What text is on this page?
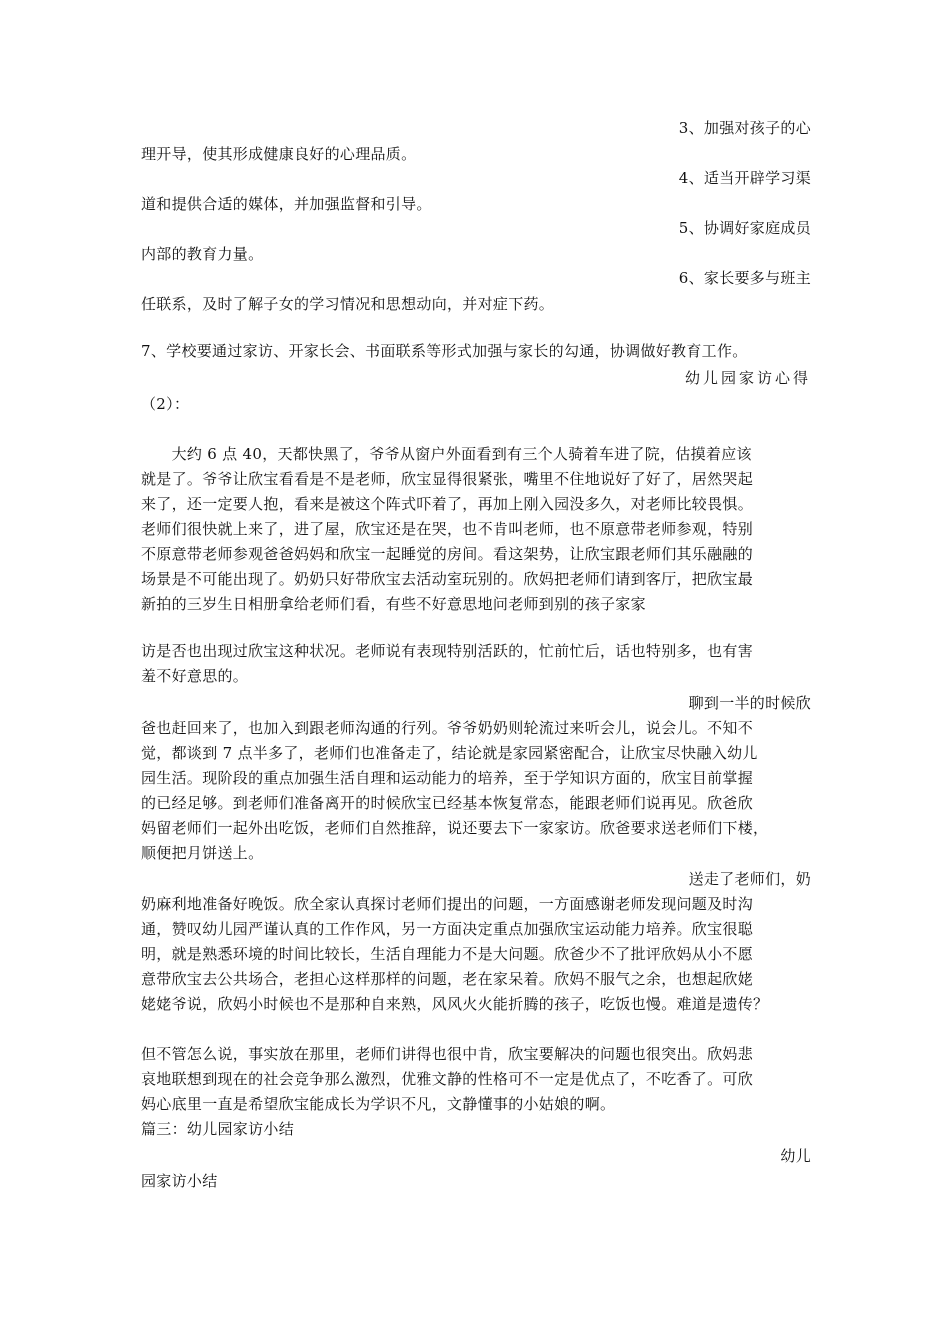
3、加强对孩子的心
理开导，使其形成健康良好的心理品质。
4、适当开辟学习渠
道和提供合适的媒体，并加强监督和引导。
5、协调好家庭成员
内部的教育力量。
6、家长要多与班主
任联系，及时了解子女的学习情况和思想动向，并对症下药。
7、学校要通过家访、开家长会、书面联系等形式加强与家长的勾通，协调做好教育工作。
幼儿园家访心得
（2）：
　　大约 6 点 40，天都快黑了，爷爷从窗户外面看到有三个人骑着车进了院，估摸着应该
就是了。爷爷让欣宝看看是不是老师，欣宝显得很紧张，嘴里不住地说好了好了，居然哭起
来了，还一定要人抱，看来是被这个阵式吓着了，再加上刚入园没多久，对老师比较畏惧。
老师们很快就上来了，进了屋，欣宝还是在哭，也不肯叫老师，也不原意带老师参观，特别
不原意带老师参观爸爸妈妈和欣宝一起睡觉的房间。看这架势，让欣宝跟老师们其乐融融的
场景是不可能出现了。奶奶只好带欣宝去活动室玩别的。欣妈把老师们请到客厅，把欣宝最
新拍的三岁生日相册拿给老师们看，有些不好意思地问老师到别的孩子家家
访是否也出现过欣宝这种状况。老师说有表现特别活跃的，忙前忙后，话也特别多，也有害
羞不好意思的。
聊到一半的时候欣
爸也赶回来了，也加入到跟老师沟通的行列。爷爷奶奶则轮流过来听会儿，说会儿。不知不
觉，都谈到 7 点半多了，老师们也准备走了，结论就是家园紧密配合，让欣宝尽快融入幼儿
园生活。现阶段的重点加强生活自理和运动能力的培养，至于学知识方面的，欣宝目前掌握
的已经足够。到老师们准备离开的时候欣宝已经基本恢复常态，能跟老师们说再见。欣爸欣
妈留老师们一起外出吃饭，老师们自然推辞，说还要去下一家家访。欣爸要求送老师们下楼，
顺便把月饼送上。
送走了老师们，奶
奶麻利地准备好晚饭。欣全家认真探讨老师们提出的问题，一方面感谢老师发现问题及时沟
通，赞叹幼儿园严谨认真的工作作风，另一方面决定重点加强欣宝运动能力培养。欣宝很聪
明，就是熟悉环境的时间比较长，生活自理能力不是大问题。欣爸少不了批评欣妈从小不愿
意带欣宝去公共场合，老担心这样那样的问题，老在家呆着。欣妈不服气之余，也想起欣姥
姥姥爷说，欣妈小时候也不是那种自来熟，风风火火能折腾的孩子，吃饭也慢。难道是遗传？
但不管怎么说，事实放在那里，老师们讲得也很中肯，欣宝要解决的问题也很突出。欣妈悲
哀地联想到现在的社会竞争那么激烈，优雅文静的性格可不一定是优点了，不吃香了。可欣
妈心底里一直是希望欣宝能成长为学识不凡，文静懂事的小姑娘的啊。
篇三：幼儿园家访小结
幼儿
园家访小结
